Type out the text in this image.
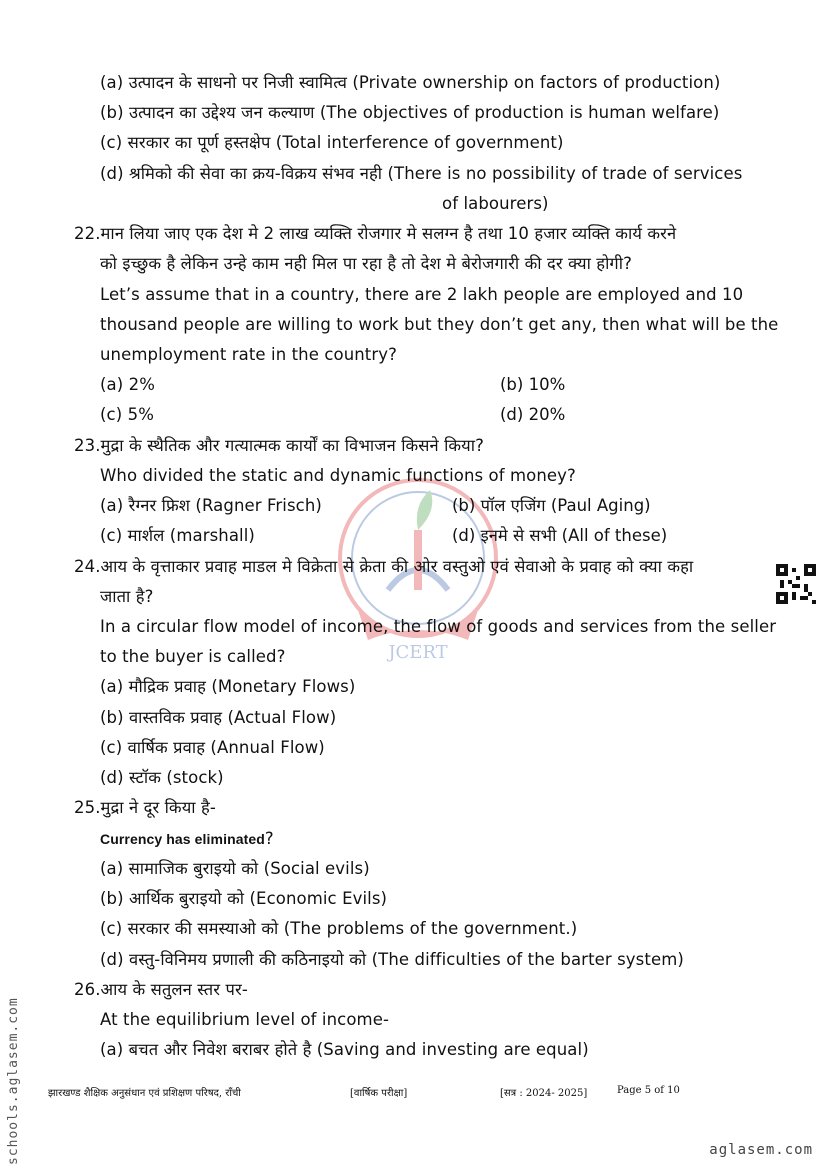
JCERT
(a) उत्पादन के साधनो पर निजी स्वामित्व (Private ownership on factors of production)
(b) उत्पादन का उद्देश्य जन कल्याण (The objectives of production is human welfare)
(c) सरकार का पूर्ण हस्तक्षेप (Total interference of government)
(d) श्रमिको की सेवा का क्रय-विक्रय संभव नही (There is no possibility of trade of services
of labourers)
22.मान लिया जाए एक देश मे 2 लाख व्यक्ति रोजगार मे सलग्न है तथा 10 हजार व्यक्ति कार्य करने
को इच्छुक है लेकिन उन्हे काम नही मिल पा रहा है तो देश मे बेरोजगारी की दर क्या होगी?
Let’s assume that in a country, there are 2 lakh people are employed and 10
thousand people are willing to work but they don’t get any, then what will be the
unemployment rate in the country?
(a) 2%	(b) 10%
(c) 5%	(d) 20%
23.मुद्रा के स्थैतिक और गत्यात्मक कार्यों का विभाजन किसने किया?
Who divided the static and dynamic functions of money?
(a) रैग्नर फ्रिश (Ragner Frisch)	(b) पॉल एजिंग (Paul Aging)
(c) मार्शल (marshall)	(d) इनमे से सभी (All of these)
24.आय के वृत्ताकार प्रवाह माडल मे विक्रेता से क्रेता की ओर वस्तुओ एवं सेवाओ के प्रवाह को क्या कहा
जाता है?
In a circular flow model of income, the flow of goods and services from the seller
to the buyer is called?
(a) मौद्रिक प्रवाह (Monetary Flows)
(b) वास्तविक प्रवाह (Actual Flow)
(c) वार्षिक प्रवाह (Annual Flow)
(d) स्टॉक (stock)
25.मुद्रा ने दूर किया है-
Currency has eliminated?
(a) सामाजिक बुराइयो को (Social evils)
(b) आर्थिक बुराइयो को (Economic Evils)
(c) सरकार की समस्याओ को (The problems of the government.)
(d) वस्तु-विनिमय प्रणाली की कठिनाइयो को (The difficulties of the barter system)
26.आय के सतुलन स्तर पर-
At the equilibrium level of income-
(a) बचत और निवेश बराबर होते है (Saving and investing are equal)
झारखण्ड शैक्षिक अनुसंधान एवं प्रशिक्षण परिषद, राँची	[वार्षिक परीक्षा]	[सत्र : 2024- 2025]	Page 5 of 10
schools.aglasem.com	aglasem.com
